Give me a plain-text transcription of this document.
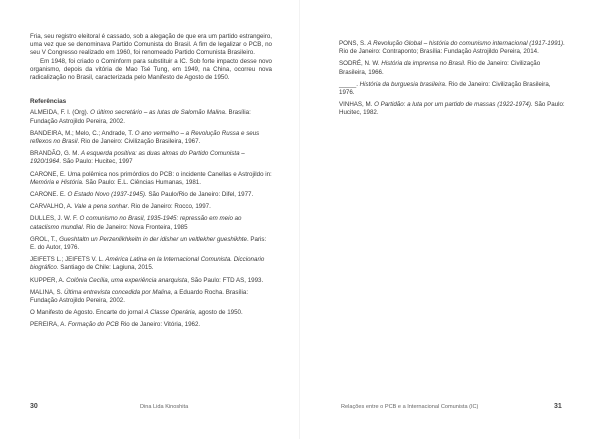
Fria, seu registro eleitoral é cassado, sob a alegação de que era um partido estrangeiro, uma vez que se denominava Partido Comunista do Brasil. A fim de legalizar o PCB, no seu V Congresso realizado em 1960, foi renomeado Partido Comunista Brasileiro.

Em 1948, foi criado o Cominform para substituir a IC. Sob forte impacto desse novo organismo, depois da vitória de Mao Tsé Tung, em 1949, na China, ocorreu nova radicalização no Brasil, caracterizada pelo Manifesto de Agosto de 1950.

Referências

ALMEIDA, F. I. (Org). O último secretário – as lutas de Salomão Malina. Brasília: Fundação Astrojildo Pereira, 2002.

BANDEIRA, M.; Melo, C.; Andrade, T. O ano vermelho – a Revolução Russa e seus reflexos no Brasil. Rio de Janeiro: Civilização Brasileira, 1967.

BRANDÃO, G. M. A esquerda positiva: as duas almas do Partido Comunista –1920/1964. São Paulo: Hucitec, 1997

CARONE, E. Uma polêmica nos primórdios do PCB: o incidente Canellas e Astrojildo in: Memória e História. São Paulo: E.L. Ciências Humanas, 1981.

CARONE. E. O Estado Novo (1937-1945). São Paulo/Rio de Janeiro: Difel, 1977.

CARVALHO, A. Vale a pena sonhar. Rio de Janeiro: Rocco, 1997.

DULLES, J. W. F. O comunismo no Brasil, 1935-1945: repressão em meio ao cataclismo mundial. Rio de Janeiro: Nova Fronteira, 1985

GROL, T., Gueshtaltn un Perzenlikhkeitn in der idisher un veltlekher gueshikhte. Paris: E. do Autor, 1976.

JEIFETS L.; JEIFETS V. L. América Latina en la Internacional Comunista. Diccionario biográfico. Santiago de Chile: Lagiuna, 2015.

KUPPER, A. Colônia Cecília, uma experiência anarquista, São Paulo: FTD AS, 1993.

MALINA, S. Última entrevista concedida por Malina, a Eduardo Rocha. Brasília: Fundação Astrojildo Pereira, 2002.

O Manifesto de Agosto. Encarte do jornal A Classe Operária, agosto de 1950.

PEREIRA, A. Formação do PCB Rio de Janeiro: Vitória, 1962.

30	Dina Lida Kinoshita

PONS, S. A Revolução Global – história do comunismo internacional (1917-1991). Rio de Janeiro: Contraponto; Brasília: Fundação Astrojildo Pereira, 2014.

SODRÉ, N. W. História da imprensa no Brasil. Rio de Janeiro: Civilização Brasileira, 1966.

_____. História da burguesia brasileira. Rio de Janeiro: Civilização Brasileira, 1976.

VINHAS, M. O Partidão: a luta por um partido de massas (1922-1974). São Paulo: Hucitec, 1982.

Relações entre o PCB e a Internacional Comunista (IC)	31
